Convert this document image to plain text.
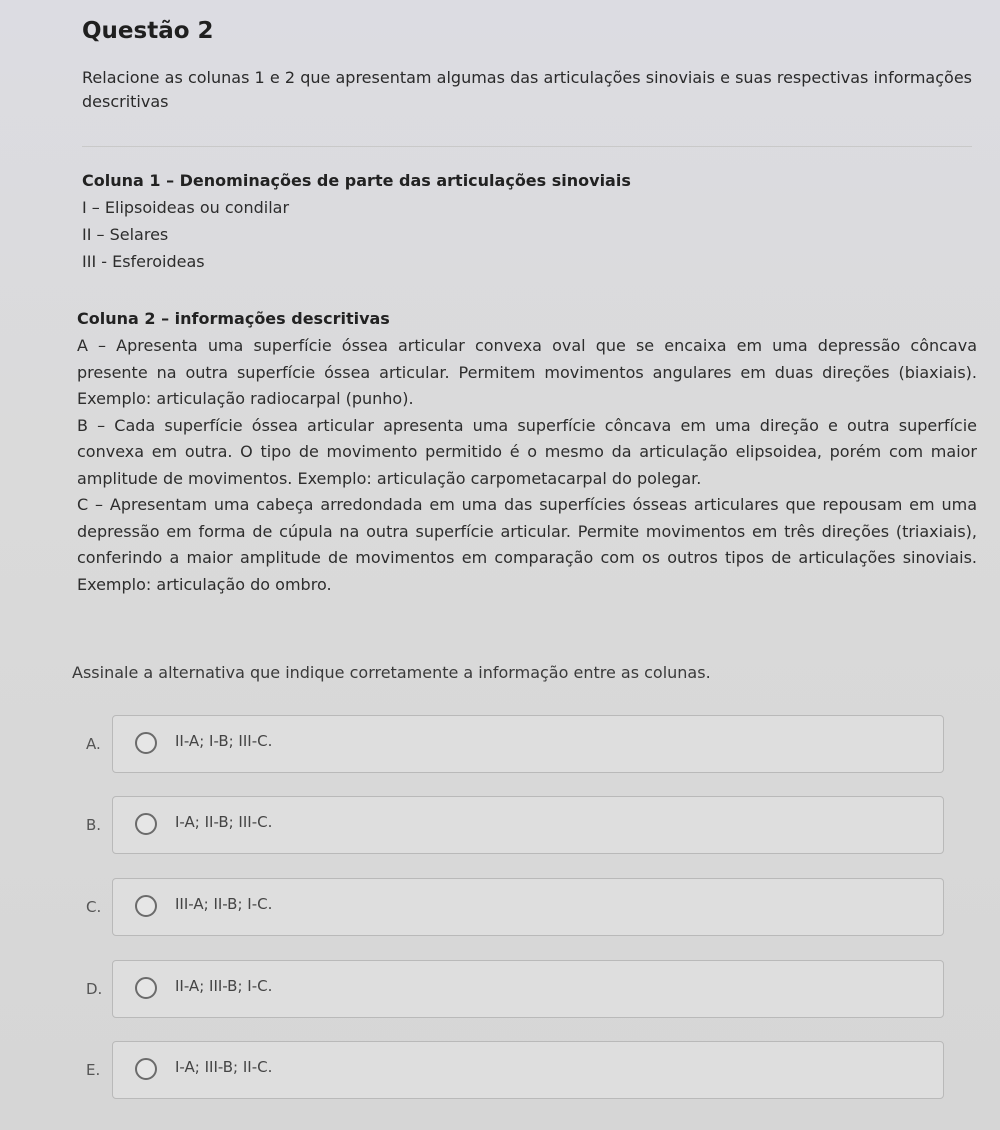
Questão 2
Relacione as colunas 1 e 2 que apresentam algumas das articulações sinoviais e suas respectivas informações descritivas
Coluna 1 – Denominações de parte das articulações sinoviais
I – Elipsoideas ou condilar
II – Selares
III - Esferoideas
Coluna 2 – informações descritivas
A – Apresenta uma superfície óssea articular convexa oval que se encaixa em uma depressão côncava presente na outra superfície óssea articular. Permitem movimentos angulares em duas direções (biaxiais). Exemplo: articulação radiocarpal (punho).
B – Cada superfície óssea articular apresenta uma superfície côncava em uma direção e outra superfície convexa em outra. O tipo de movimento permitido é o mesmo da articulação elipsoidea, porém com maior amplitude de movimentos. Exemplo: articulação carpometacarpal do polegar.
C – Apresentam uma cabeça arredondada em uma das superfícies ósseas articulares que repousam em uma depressão em forma de cúpula na outra superfície articular. Permite movimentos em três direções (triaxiais), conferindo a maior amplitude de movimentos em comparação com os outros tipos de articulações sinoviais. Exemplo: articulação do ombro.
Assinale a alternativa que indique corretamente a informação entre as colunas.
A.	II-A; I-B; III-C.
B.	I-A; II-B; III-C.
C.	III-A; II-B; I-C.
D.	II-A; III-B; I-C.
E.	I-A; III-B; II-C.
